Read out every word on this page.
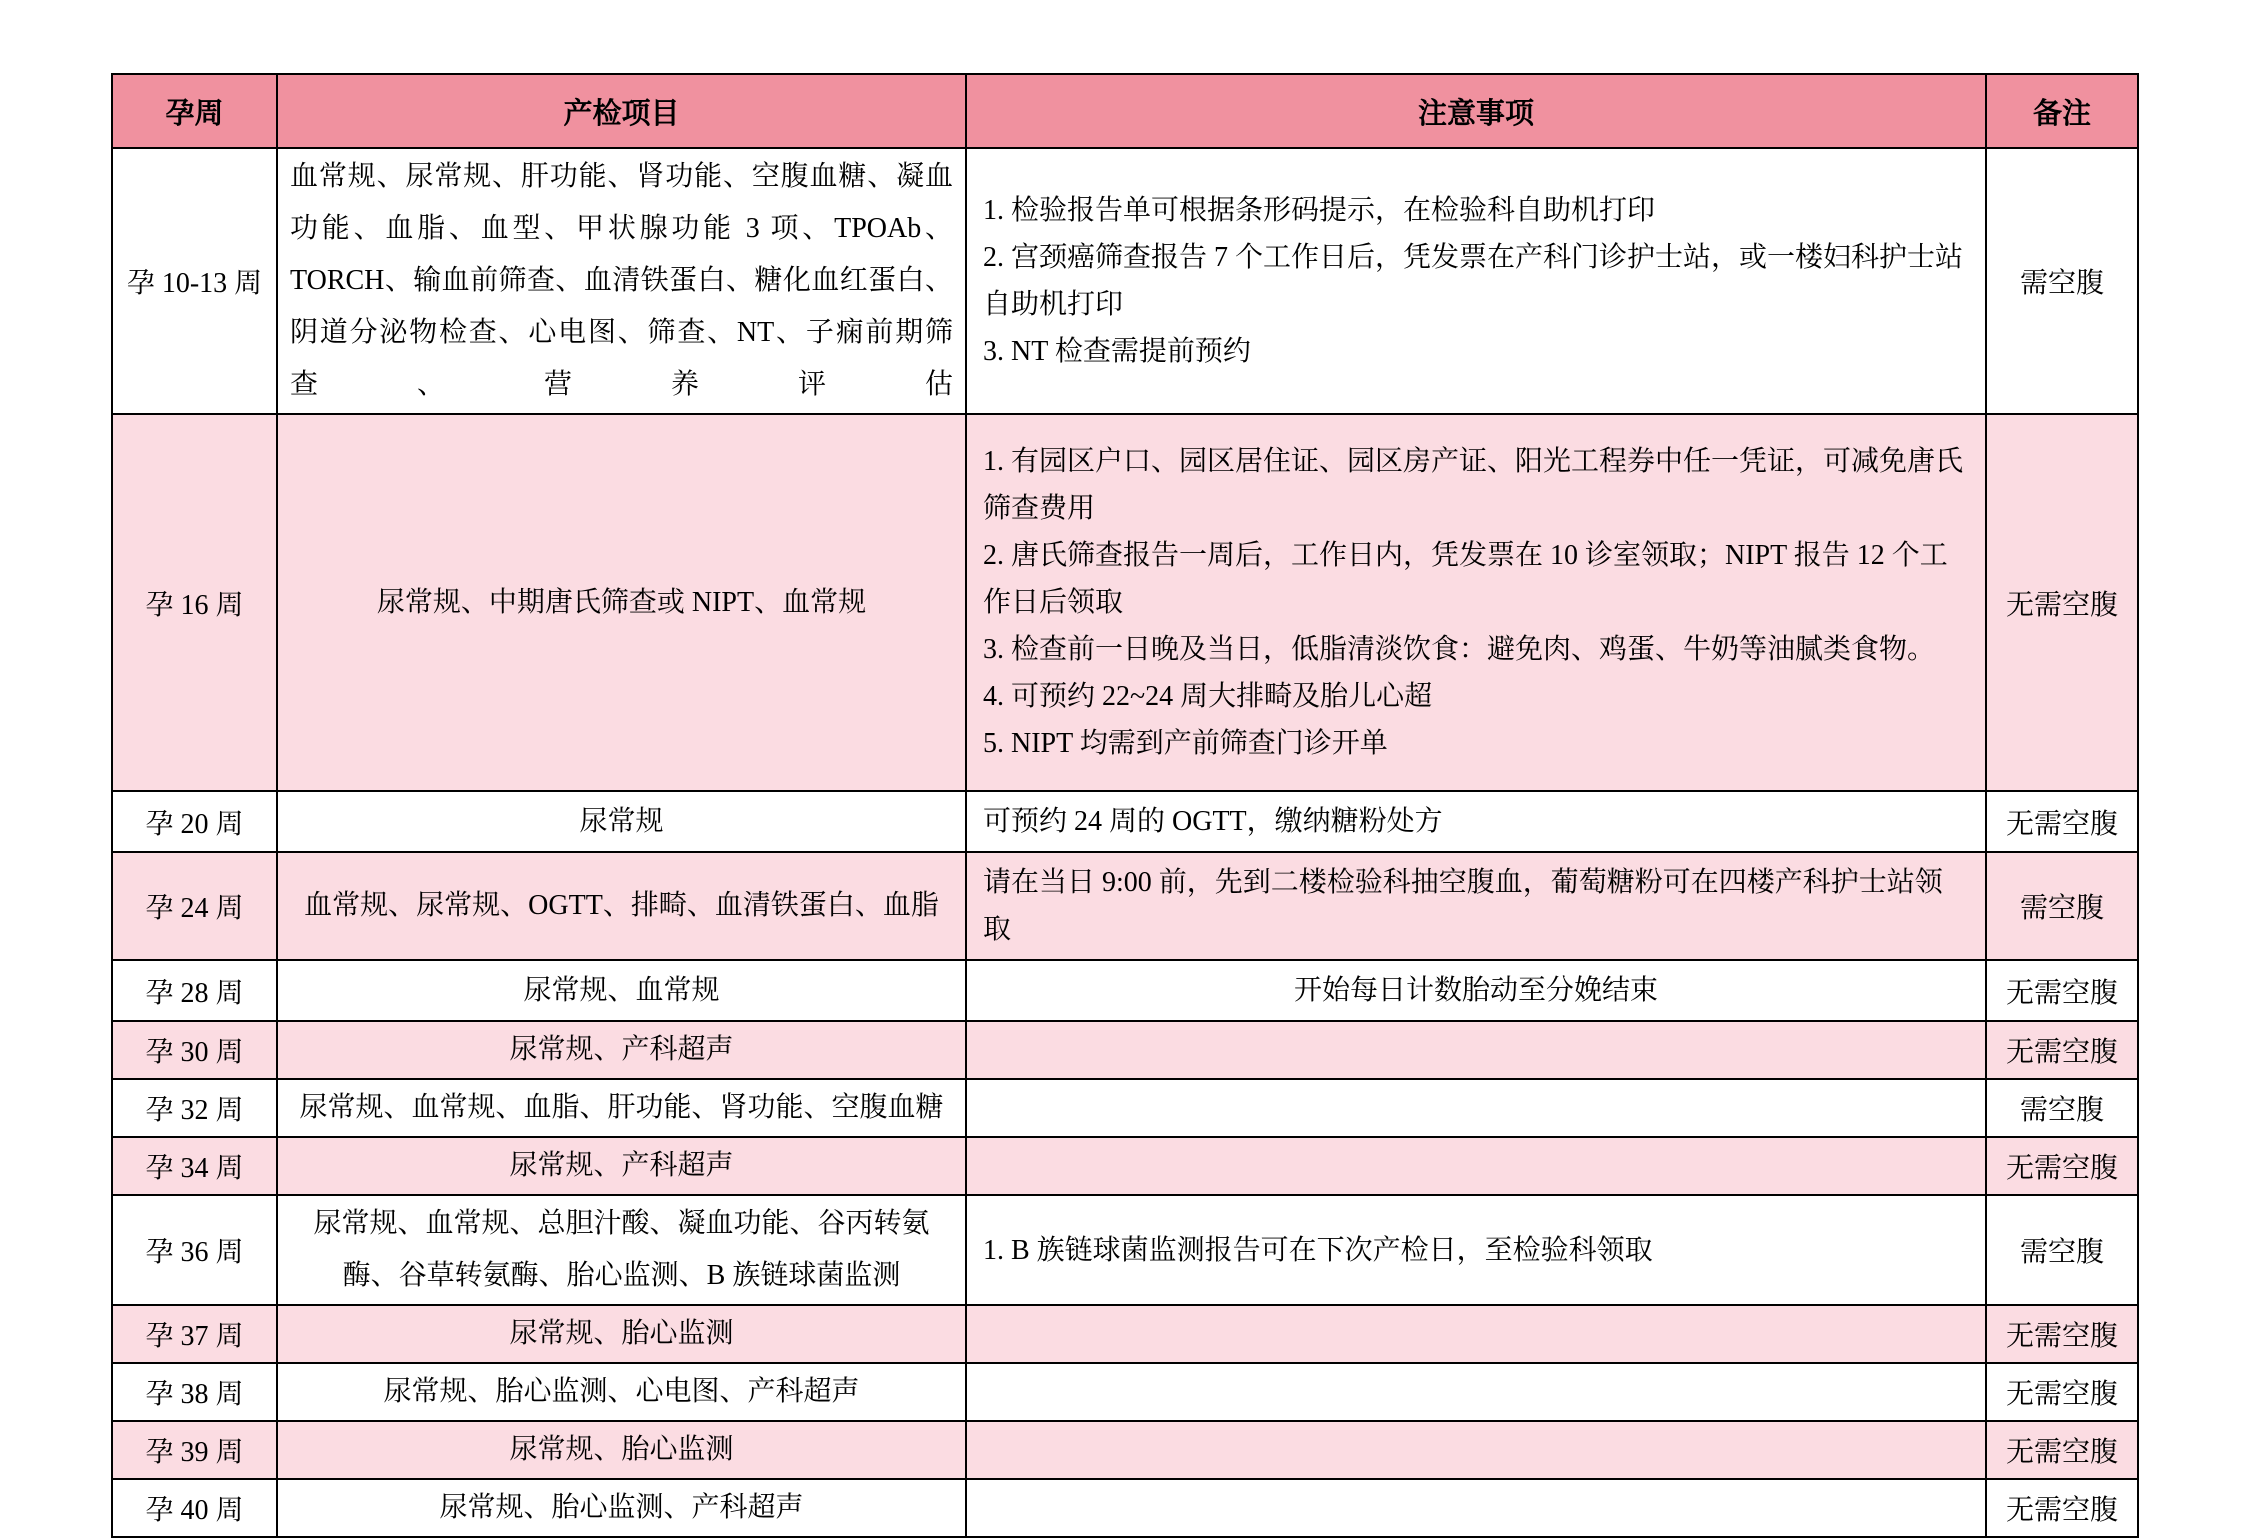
孕周	产检项目	注意事项	备注
孕 10-13 周	血常规、尿常规、肝功能、肾功能、空腹血糖、凝血功能、血脂、血型、甲状腺功能 3 项、TPOAb、TORCH、输血前筛查、血清铁蛋白、糖化血红蛋白、阴道分泌物检查、心电图、筛查、NT、子痫前期筛查、营养评估	1. 检验报告单可根据条形码提示，在检验科自助机打印
2. 宫颈癌筛查报告 7 个工作日后，凭发票在产科门诊护士站，或一楼妇科护士站自助机打印
3. NT 检查需提前预约	需空腹
孕 16 周	尿常规、中期唐氏筛查或 NIPT、血常规	1. 有园区户口、园区居住证、园区房产证、阳光工程券中任一凭证，可减免唐氏筛查费用
2. 唐氏筛查报告一周后，工作日内，凭发票在 10 诊室领取；NIPT 报告 12 个工作日后领取
3. 检查前一日晚及当日，低脂清淡饮食：避免肉、鸡蛋、牛奶等油腻类食物。
4. 可预约 22~24 周大排畸及胎儿心超
5. NIPT 均需到产前筛查门诊开单	无需空腹
孕 20 周	尿常规	可预约 24 周的 OGTT，缴纳糖粉处方	无需空腹
孕 24 周	血常规、尿常规、OGTT、排畸、血清铁蛋白、血脂	请在当日 9:00 前，先到二楼检验科抽空腹血，葡萄糖粉可在四楼产科护士站领取	需空腹
孕 28 周	尿常规、血常规	开始每日计数胎动至分娩结束	无需空腹
孕 30 周	尿常规、产科超声		无需空腹
孕 32 周	尿常规、血常规、血脂、肝功能、肾功能、空腹血糖		需空腹
孕 34 周	尿常规、产科超声		无需空腹
孕 36 周	尿常规、血常规、总胆汁酸、凝血功能、谷丙转氨酶、谷草转氨酶、胎心监测、B 族链球菌监测	1. B 族链球菌监测报告可在下次产检日，至检验科领取	需空腹
孕 37 周	尿常规、胎心监测		无需空腹
孕 38 周	尿常规、胎心监测、心电图、产科超声		无需空腹
孕 39 周	尿常规、胎心监测		无需空腹
孕 40 周	尿常规、胎心监测、产科超声		无需空腹
